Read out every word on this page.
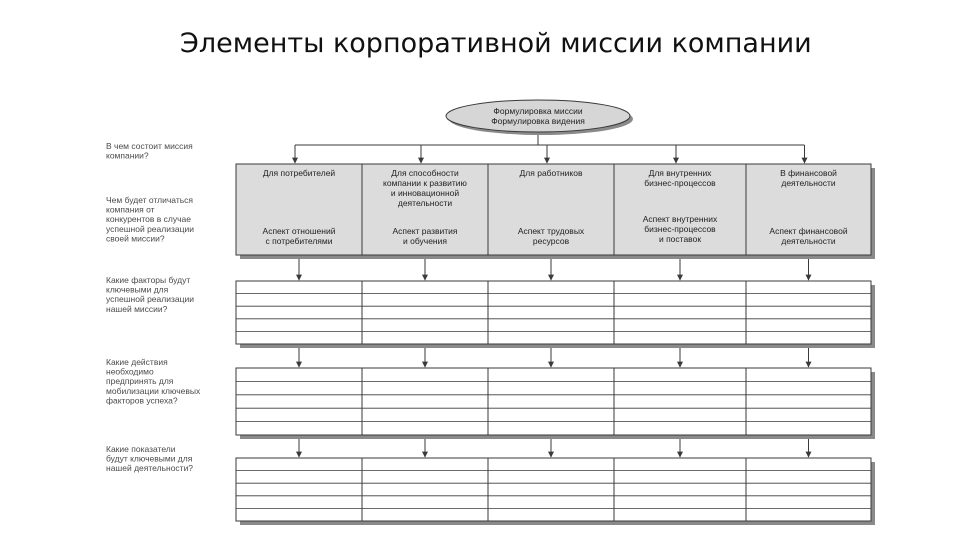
Элементы корпоративной миссии компании
Формулировка миссии Формулировка видения
В чем состоит миссия компании?
Чем будет отличаться компания от конкурентов в случае успешной реализации своей миссии?
Какие факторы будут ключевыми для успешной реализации нашей миссии?
Какие действия необходимо предпринять для мобилизации ключевых факторов успеха?
Какие показатели будут ключевыми для нашей деятельности?
Для потребителей
Аспект отношений с потребителями
Для способности компании к развитию и инновационной деятельности
Аспект развития и обучения
Для работников
Аспект трудовых ресурсов
Для внутренних бизнес-процессов
Аспект внутренних бизнес-процессов и поставок
В финансовой деятельности
Аспект финансовой деятельности
